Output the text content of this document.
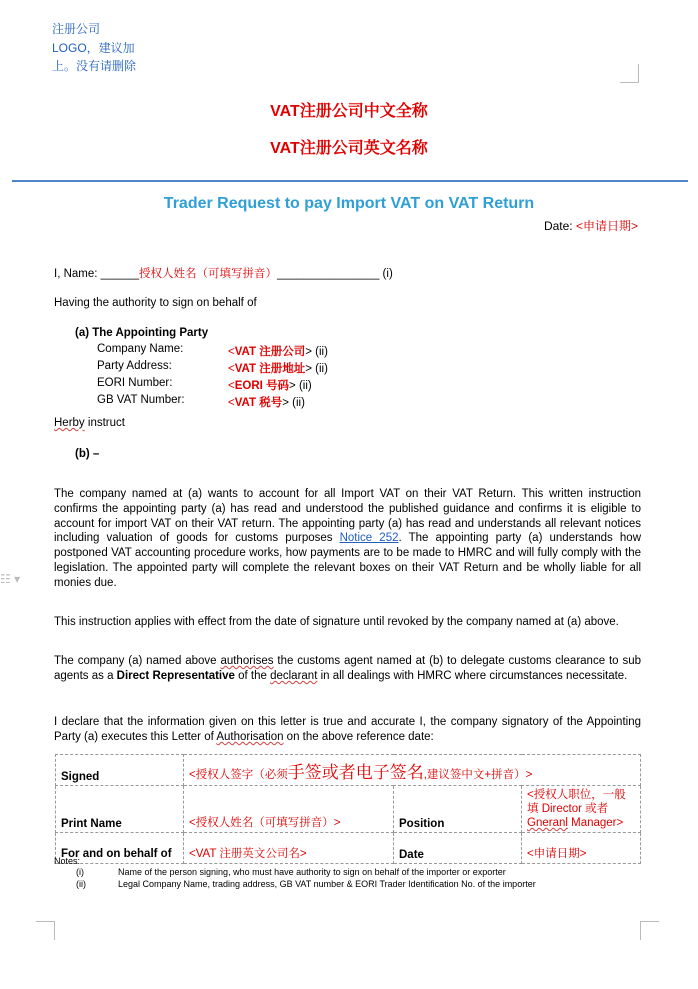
☷ ▾
注册公司LOGO，建议加上。没有请删除
VAT注册公司中文全称
VAT注册公司英文名称
Trader Request to pay Import VAT on VAT Return
Date: <申请日期>
I, Name: ______授权人姓名（可填写拼音）________________ (i)
Having the authority to sign on behalf of
(a) The Appointing Party
Company Name:	<VAT 注册公司> (ii)
Party Address:	<VAT 注册地址> (ii)
EORI Number:	<EORI 号码> (ii)
GB VAT Number:	<VAT 税号> (ii)
Herby instruct
(b) –
The company named at (a) wants to account for all Import VAT on their VAT Return. This written instruction confirms the appointing party (a) has read and understood the published guidance and confirms it is eligible to account for import VAT on their VAT return. The appointing party (a) has read and understands all relevant notices including valuation of goods for customs purposes Notice 252. The appointing party (a) understands how postponed VAT accounting procedure works, how payments are to be made to HMRC and will fully comply with the legislation. The appointed party will complete the relevant boxes on their VAT Return and be wholly liable for all monies due.
This instruction applies with effect from the date of signature until revoked by the company named at (a) above.
The company (a) named above authorises the customs agent named at (b) to delegate customs clearance to sub agents as a Direct Representative of the declarant in all dealings with HMRC where circumstances necessitate.
I declare that the information given on this letter is true and accurate I, the company signatory of the Appointing Party (a) executes this Letter of Authorisation on the above reference date:
Signed	<授权人签字（必须手签或者电子签名,建议签中文+拼音）>		
Print Name	<授权人姓名（可填写拼音）>	Position	<授权人职位，一般填 Director 或者 Gneranl Manager>
For and on behalf of	<VAT 注册英文公司名>	Date	<申请日期>
Notes:
(i)	Name of the person signing, who must have authority to sign on behalf of the importer or exporter
(ii)	Legal Company Name, trading address, GB VAT number & EORI Trader Identification No. of the importer
